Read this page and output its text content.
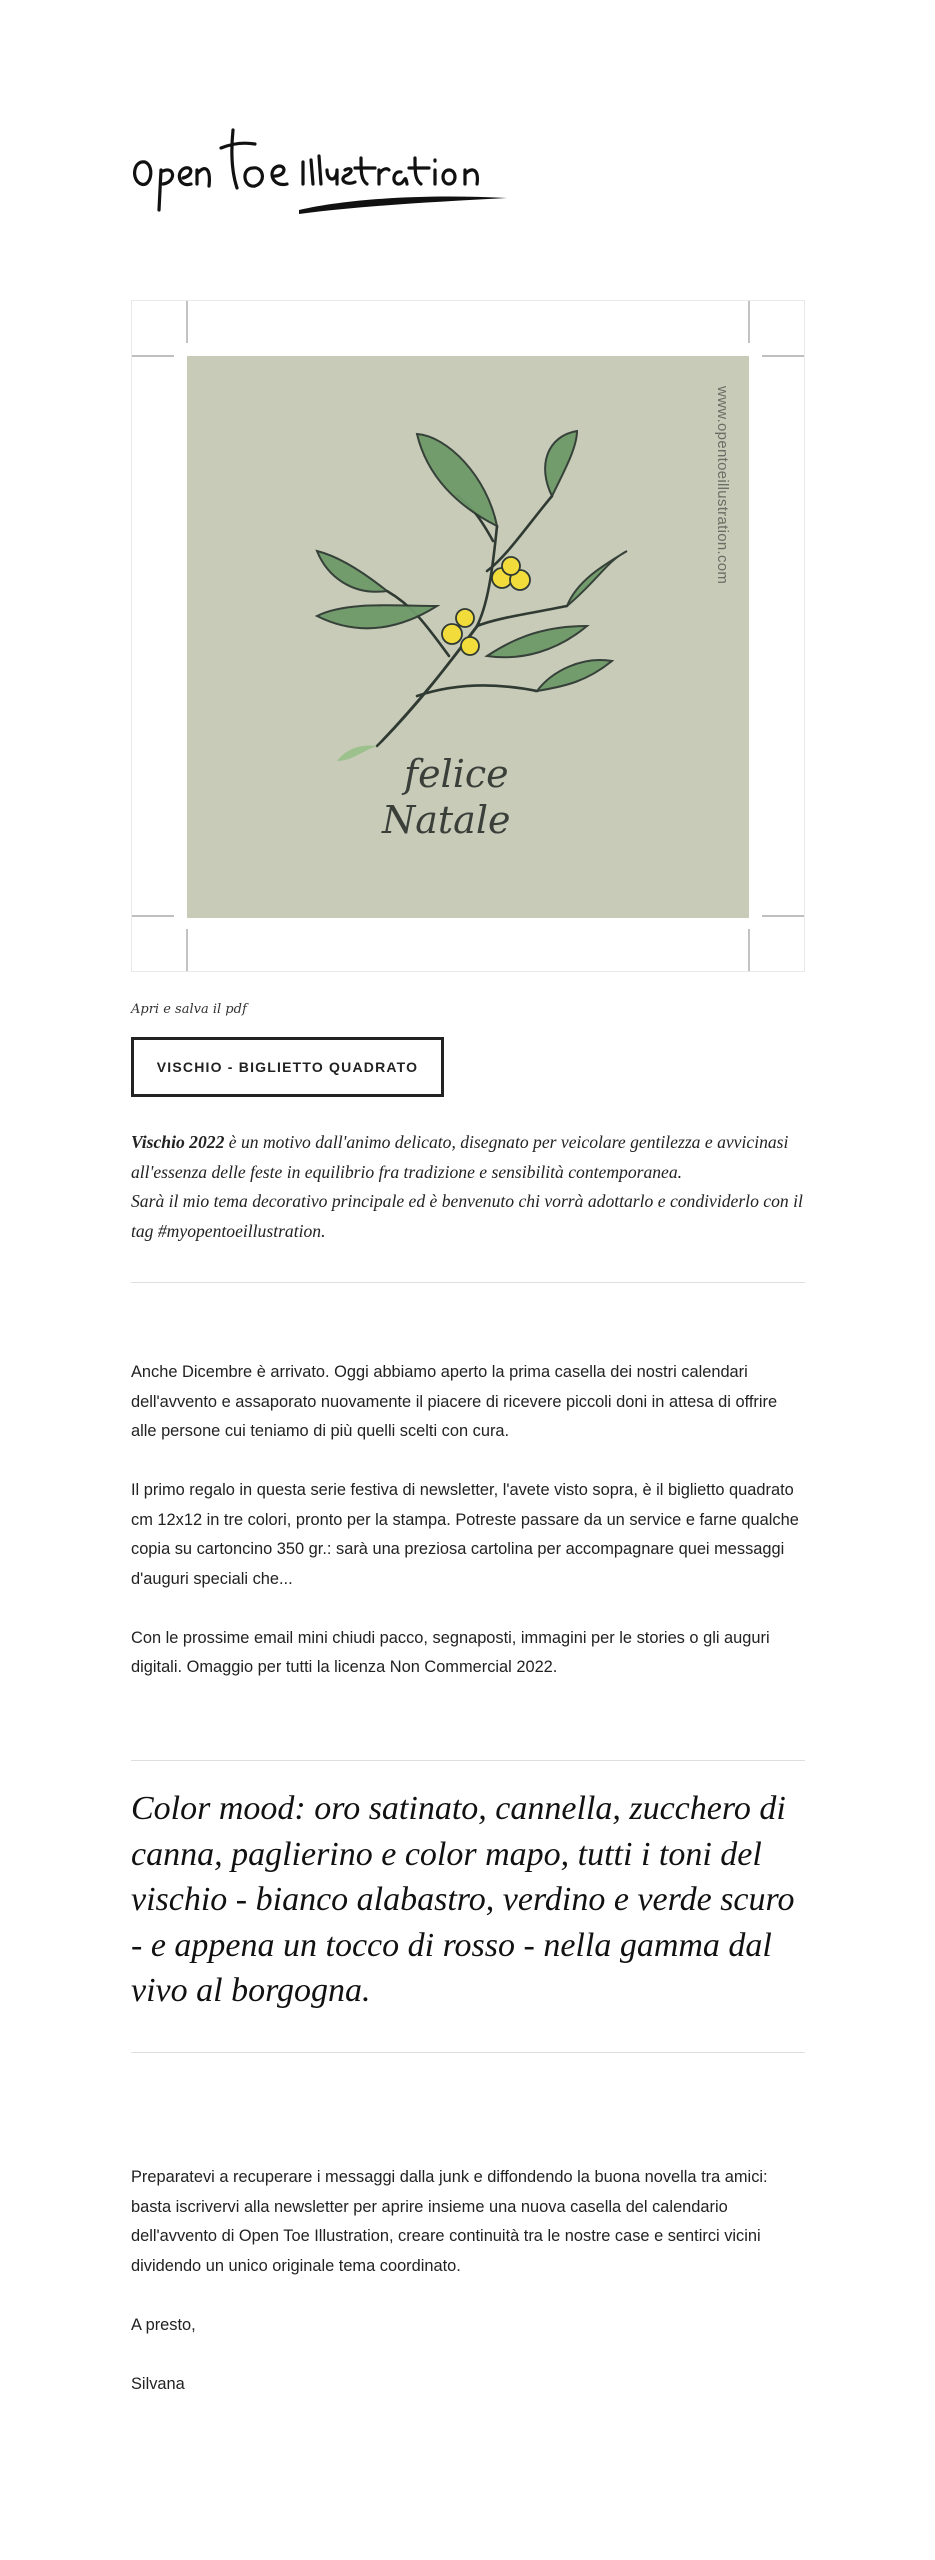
www.opentoeillustration.com
felice
Natale
Apri e salva il pdf
VISCHIO - BIGLIETTO QUADRATO
Vischio 2022 è un motivo dall'animo delicato, disegnato per veicolare gentilezza e avvicinasi all'essenza delle feste in equilibrio fra tradizione e sensibilità contemporanea.
Sarà il mio tema decorativo principale ed è benvenuto chi vorrà adottarlo e condividerlo con il tag #myopentoeillustration.

Anche Dicembre è arrivato. Oggi abbiamo aperto la prima casella dei nostri calendari dell'avvento e assaporato nuovamente il piacere di ricevere piccoli doni in attesa di offrire alle persone cui teniamo di più quelli scelti con cura.

Il primo regalo in questa serie festiva di newsletter, l'avete visto sopra, è il biglietto quadrato cm 12x12 in tre colori, pronto per la stampa. Potreste passare da un service e farne qualche copia su cartoncino 350 gr.: sarà una preziosa cartolina per accompagnare quei messaggi d'auguri speciali che...

Con le prossime email mini chiudi pacco, segnaposti, immagini per le stories o gli auguri digitali. Omaggio per tutti la licenza Non Commercial 2022.

Color mood: oro satinato, cannella, zucchero di canna, paglierino e color mapo, tutti i toni del vischio - bianco alabastro, verdino e verde scuro - e appena un tocco di rosso - nella gamma dal vivo al borgogna.

Preparatevi a recuperare i messaggi dalla junk e diffondendo la buona novella tra amici: basta iscrivervi alla newsletter per aprire insieme una nuova casella del calendario dell'avvento di Open Toe Illustration, creare continuità tra le nostre case e sentirci vicini dividendo un unico originale tema coordinato.

A presto,

Silvana
